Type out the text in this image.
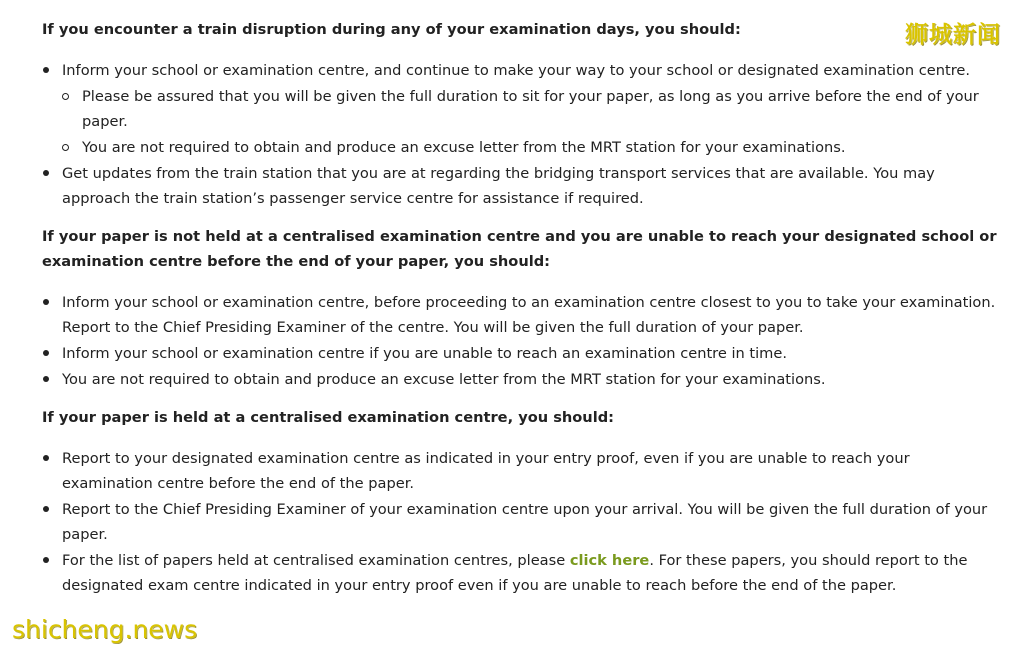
If you encounter a train disruption during any of your examination days, you should:

Inform your school or examination centre, and continue to make your way to your school or designated examination centre.
Please be assured that you will be given the full duration to sit for your paper, as long as you arrive before the end of your paper.
You are not required to obtain and produce an excuse letter from the MRT station for your examinations.
Get updates from the train station that you are at regarding the bridging transport services that are available. You may approach the train station’s passenger service centre for assistance if required.

If your paper is not held at a centralised examination centre and you are unable to reach your designated school or examination centre before the end of your paper, you should:

Inform your school or examination centre, before proceeding to an examination centre closest to you to take your examination. Report to the Chief Presiding Examiner of the centre. You will be given the full duration of your paper.
Inform your school or examination centre if you are unable to reach an examination centre in time.
You are not required to obtain and produce an excuse letter from the MRT station for your examinations.

If your paper is held at a centralised examination centre, you should:

Report to your designated examination centre as indicated in your entry proof, even if you are unable to reach your examination centre before the end of the paper.
Report to the Chief Presiding Examiner of your examination centre upon your arrival. You will be given the full duration of your paper.
For the list of papers held at centralised examination centres, please click here. For these papers, you should report to the designated exam centre indicated in your entry proof even if you are unable to reach before the end of the paper.
狮城新闻
shicheng.news
